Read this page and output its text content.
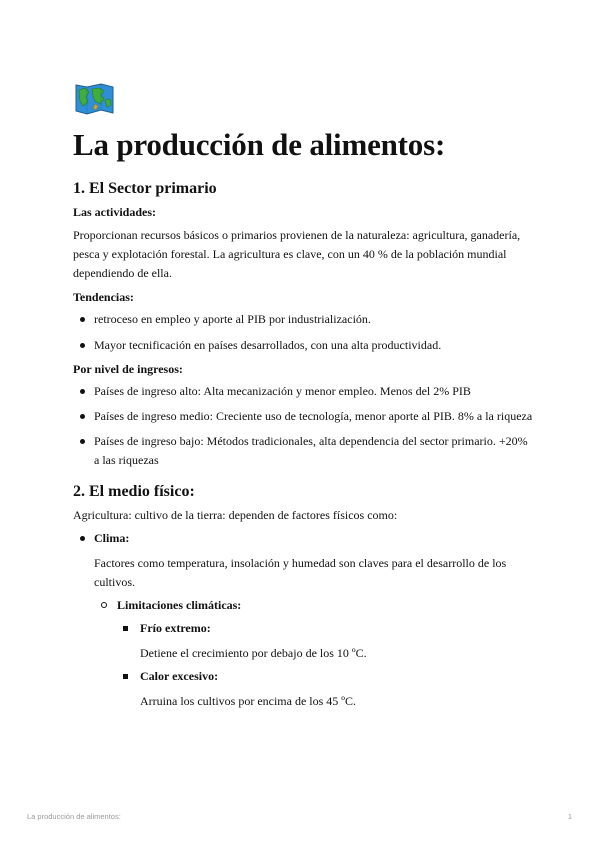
La producción de alimentos:
1. El Sector primario
Las actividades:

Proporcionan recursos básicos o primarios provienen de la naturaleza: agricultura, ganadería, pesca y explotación forestal. La agricultura es clave, con un 40 % de la población mundial dependiendo de ella.

Tendencias:
retroceso en empleo y aporte al PIB por industrialización.
Mayor tecnificación en países desarrollados, con una alta productividad.
Por nivel de ingresos:
Países de ingreso alto: Alta mecanización y menor empleo. Menos del 2% PIB
Países de ingreso medio: Creciente uso de tecnología, menor aporte al PIB. 8% a la riqueza
Países de ingreso bajo: Métodos tradicionales, alta dependencia del sector primario. +20% a las riquezas
2. El medio físico:

Agricultura: cultivo de la tierra: dependen de factores físicos como:

Clima:

Factores como temperatura, insolación y humedad son claves para el desarrollo de los cultivos.

Limitaciones climáticas:
Frío extremo:

Detiene el crecimiento por debajo de los 10 ºC.

Calor excesivo:

Arruina los cultivos por encima de los 45 ºC.

La producción de alimentos:	1
